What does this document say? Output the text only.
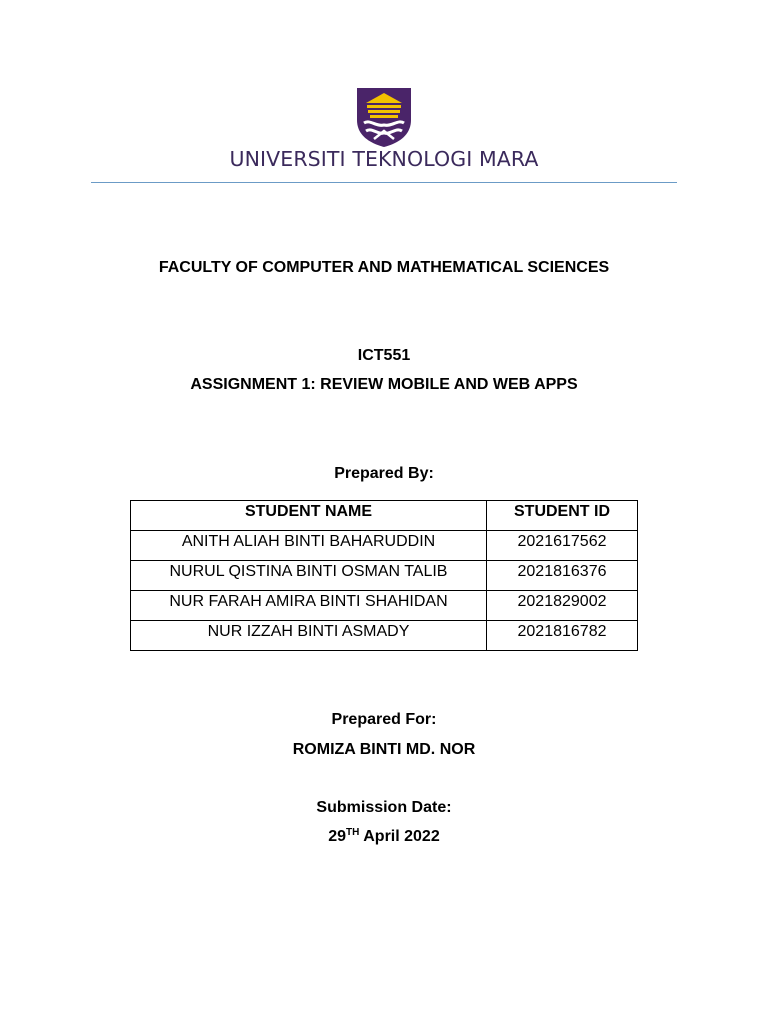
UNIVERSITI TEKNOLOGI MARA
FACULTY OF COMPUTER AND MATHEMATICAL SCIENCES
ICT551
ASSIGNMENT 1: REVIEW MOBILE AND WEB APPS
Prepared By:
STUDENT NAME	STUDENT ID
ANITH ALIAH BINTI BAHARUDDIN	2021617562
NURUL QISTINA BINTI OSMAN TALIB	2021816376
NUR FARAH AMIRA BINTI SHAHIDAN	2021829002
NUR IZZAH BINTI ASMADY	2021816782
Prepared For:
ROMIZA BINTI MD. NOR
Submission Date:
29TH April 2022
